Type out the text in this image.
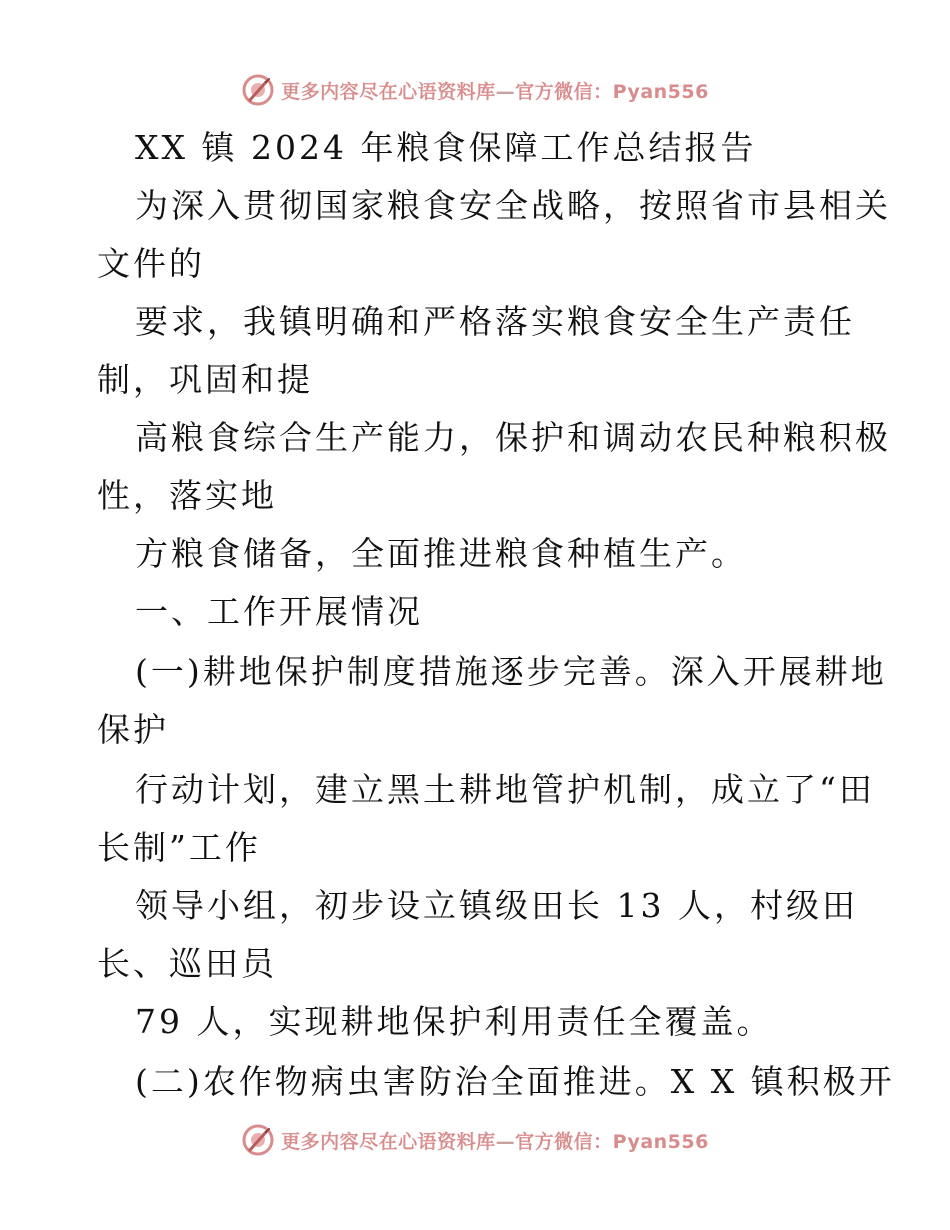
更多内容尽在心语资料库—官方微信：Pyan556
XX 镇 2024 年粮食保障工作总结报告
为深入贯彻国家粮食安全战略，按照省市县相关
文件的
要求，我镇明确和严格落实粮食安全生产责任
制，巩固和提
高粮食综合生产能力，保护和调动农民种粮积极
性，落实地
方粮食储备，全面推进粮食种植生产。
一、工作开展情况
(一)耕地保护制度措施逐步完善。深入开展耕地
保护
行动计划，建立黑土耕地管护机制，成立了“田
长制”工作
领导小组，初步设立镇级田长 13 人，村级田
长、巡田员
79 人，实现耕地保护利用责任全覆盖。
(二)农作物病虫害防治全面推进。X X 镇积极开
更多内容尽在心语资料库—官方微信：Pyan556
